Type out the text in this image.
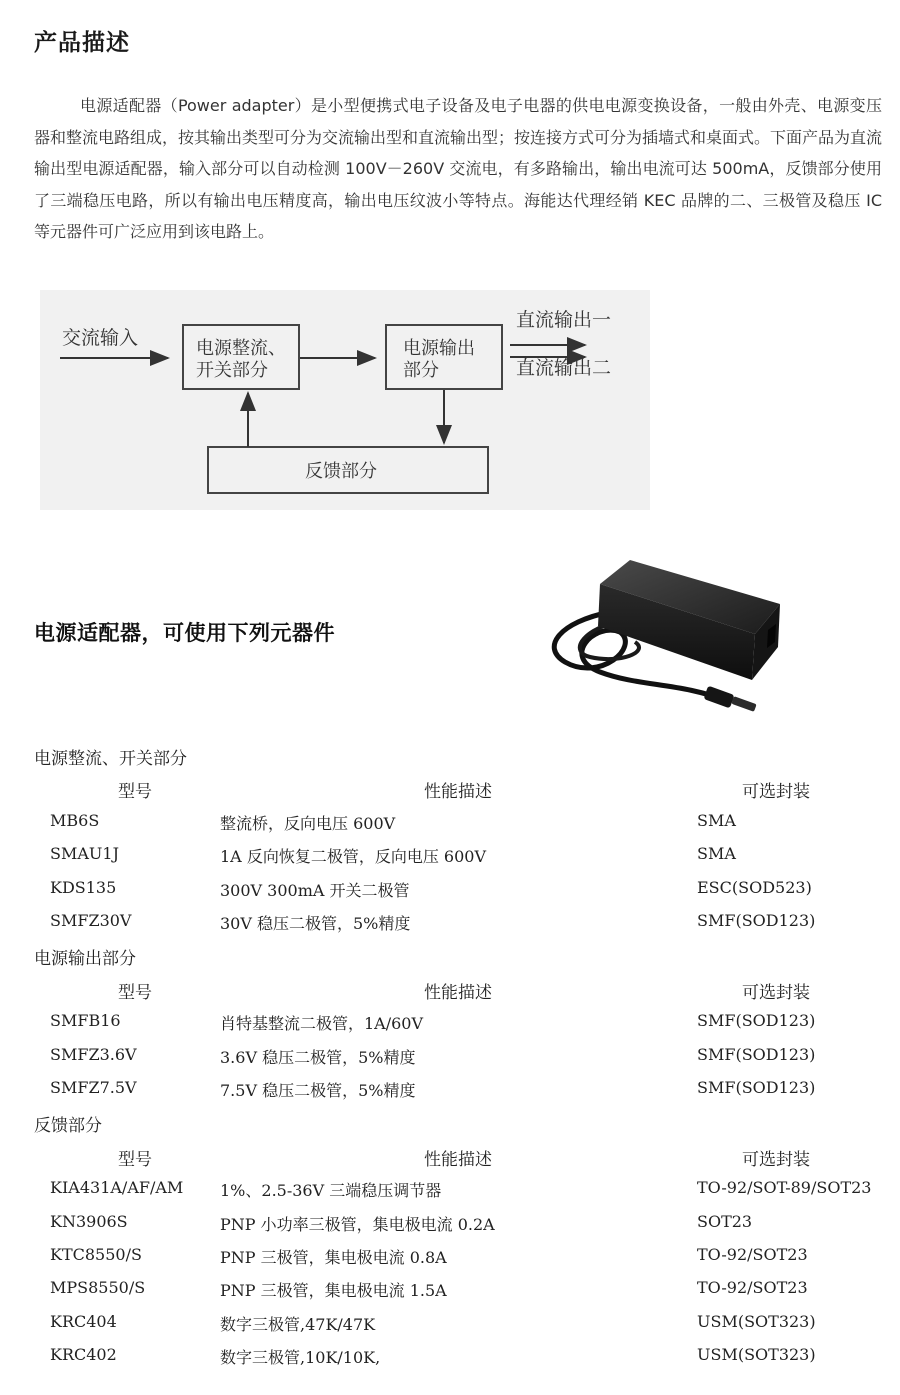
产品描述

电源适配器（Power adapter）是小型便携式电子设备及电子电器的供电电源变换设备，一般由外壳、电源变压器和整流电路组成，按其输出类型可分为交流输出型和直流输出型；按连接方式可分为插墙式和桌面式。下面产品为直流输出型电源适配器，输入部分可以自动检测 100V－260V 交流电，有多路输出，输出电流可达 500mA，反馈部分使用了三端稳压电路，所以有输出电压精度高，输出电压纹波小等特点。海能达代理经销 KEC 品牌的二、三极管及稳压 IC 等元器件可广泛应用到该电路上。

交流输入	电源整流、
开关部分
电源输出
部分
直流输出一
直流输出二
反馈部分
电源适配器，可使用下列元器件
电源整流、开关部分
型号	性能描述	可选封装
MB6S	整流桥，反向电压 600V	SMA
SMAU1J	1A 反向恢复二极管，反向电压 600V	SMA
KDS135	300V 300mA 开关二极管	ESC(SOD523)
SMFZ30V	30V 稳压二极管，5%精度	SMF(SOD123)
电源输出部分
型号	性能描述	可选封装
SMFB16	肖特基整流二极管，1A/60V	SMF(SOD123)
SMFZ3.6V	3.6V 稳压二极管，5%精度	SMF(SOD123)
SMFZ7.5V	7.5V 稳压二极管，5%精度	SMF(SOD123)
反馈部分
型号	性能描述	可选封装
KIA431A/AF/AM 1%、2.5-36V 三端稳压调节器	TO-92/SOT-89/SOT23
KN3906S	PNP 小功率三极管，集电极电流 0.2A	SOT23
KTC8550/S	PNP 三极管，集电极电流 0.8A	TO-92/SOT23
MPS8550/S	PNP 三极管，集电极电流 1.5A	TO-92/SOT23
KRC404	数字三极管,47K/47K	USM(SOT323)
KRC402	数字三极管,10K/10K,	USM(SOT323)
